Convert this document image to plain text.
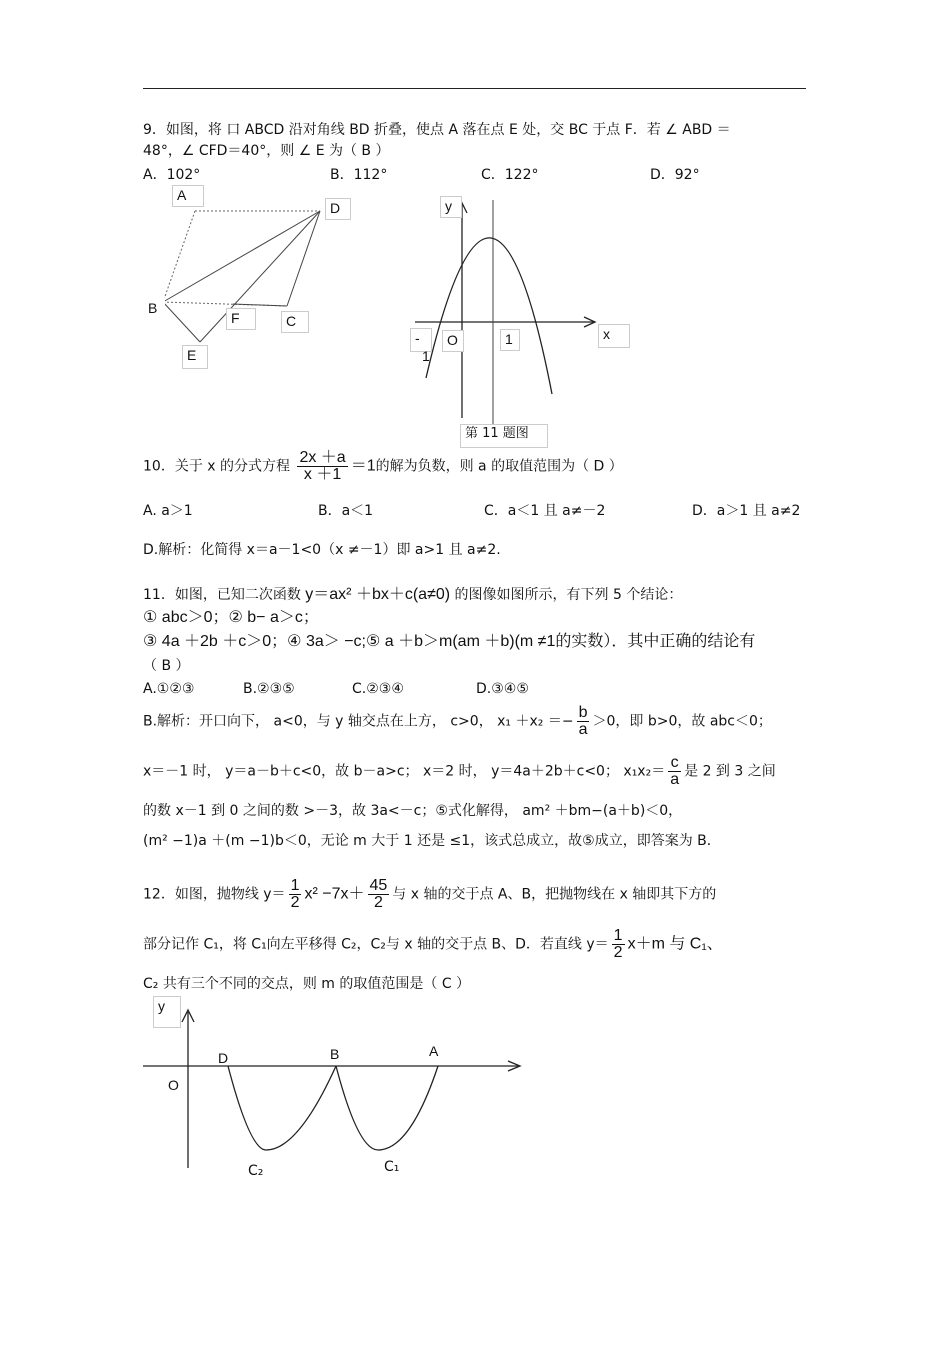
9．如图，将 口 ABCD 沿对角线 BD 折叠，使点 A 落在点 E 处，交 BC 于点 F．若 ∠ ABD ＝
48°，∠ CFD＝40°，则 ∠ E 为（ B ）
A．102°	B．112°	C．122°	D．92°
A
D
B
F	C
E
y
x
-
1
O	1
第 11 题图
10．关于 x 的分式方程 $\frac{2x +a}{x +1} =1$的解为负数，则 a 的取值范围为（ D ）
A. a＞1	B．a＜1	C．a＜1 且 a≠－2	D．a＞1 且 a≠2
D.解析：化简得 x＝a－1<0（x ≠－1）即 a>1 且 a≠2.
11．如图，已知二次函数 y＝ax² ＋bx＋c(a≠0) 的图像如图所示，有下列 5 个结论：
① abc＞0；② b− a＞c；
③ 4a ＋2b ＋c＞0；④ 3a＞ −c;⑤ a ＋b＞m(am ＋b)(m ≠1的实数）．其中正确的结论有
（ B ）
A.①②③	B.②③⑤	C.②③④	D.③④⑤
B.解析：开口向下， a<0，与 y 轴交点在上方， c>0， $x_1 +x_2 =- \frac{b}{a} >0$，即 b>0，故 abc＜0；
x＝－1 时， y＝a－b＋c<0，故 b－a>c； x＝2 时， y＝4a＋2b＋c<0； $x_1x_2= \frac{c}{a}$ 是 2 到 3 之间
的数 x－1 到 0 之间的数 >－3，故 3a<－c；⑤式化解得， am² ＋bm−(a＋b)＜0，
(m² −1)a ＋(m −1)b＜0，无论 m 大于 1 还是 ≤1，该式总成立，故⑤成立，即答案为 B．
12．如图，抛物线 $y= \frac{1}{2} x^2 -7x+ \frac{45}{2}$ 与 x 轴的交于点 A、B，把抛物线在 x 轴即其下方的
部分记作 C₁，将 C₁向左平移得 C₂，C₂与 x 轴的交于点 B、D．若直线 $y= \frac{1}{2} x+m$ 与 C₁、
C₂ 共有三个不同的交点，则 m 的取值范围是（ C ）
y
O
D	B	A
C₂	C₁
